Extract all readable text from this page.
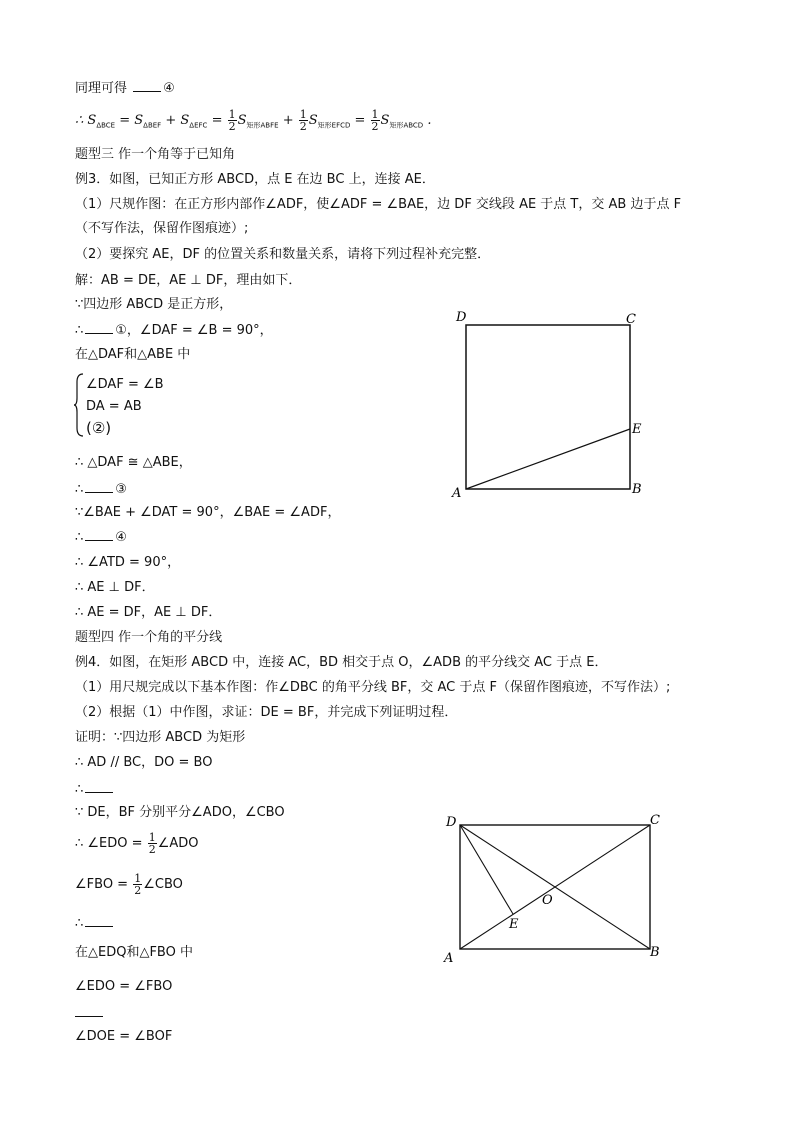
同理可得	④
∴ $S_{\Delta BCE} = S_{\Delta BEF} + S_{\Delta EFC} = \frac{1}{2} S_{矩形ABFE} + \frac{1}{2} S_{矩形EFCD} = \frac{1}{2} S_{矩形ABCD}$ .
题型三 作一个角等于已知角
例3．如图，已知正方形 ABCD，点 E 在边 BC 上，连接 AE．
（1）尺规作图：在正方形内部作∠ADF，使∠ADF = ∠BAE，边 DF 交线段 AE 于点 T，交 AB 边于点 F
（不写作法，保留作图痕迹）;
（2）要探究 AE，DF 的位置关系和数量关系，请将下列过程补充完整．
解：AB = DE，AE ⊥ DF，理由如下．
∵四边形 ABCD 是正方形，
∴ ①，∠DAF = ∠B = 90°，
在△DAF和△ABE 中
∠DAF = ∠B
DA = AB
(②)
∴ △DAF ≅ △ABE，
∴ ③
∵∠BAE + ∠DAT = 90°，∠BAE = ∠ADF，
∴ ④
∴ ∠ATD = 90°，
∴ AE ⊥ DF．
∴ AE = DF，AE ⊥ DF．
题型四 作一个角的平分线
例4．如图，在矩形 ABCD 中，连接 AC，BD 相交于点 O，∠ADB 的平分线交 AC 于点 E．
（1）用尺规完成以下基本作图：作∠DBC 的角平分线 BF，交 AC 于点 F（保留作图痕迹，不写作法）;
（2）根据（1）中作图，求证：DE = BF，并完成下列证明过程．
证明：∵四边形 ABCD 为矩形
∴ AD // BC，DO = BO
∴
∵ DE，BF 分别平分∠ADO，∠CBO
∴ ∠EDO = $\frac{1}{2}$ ∠ADO
∠FBO = $\frac{1}{2}$ ∠CBO
∴
在△EDQ和△FBO 中
∠EDO = ∠FBO
∠DOE = ∠BOF
D	C
E
A	B
D	C
O
E
A	B
